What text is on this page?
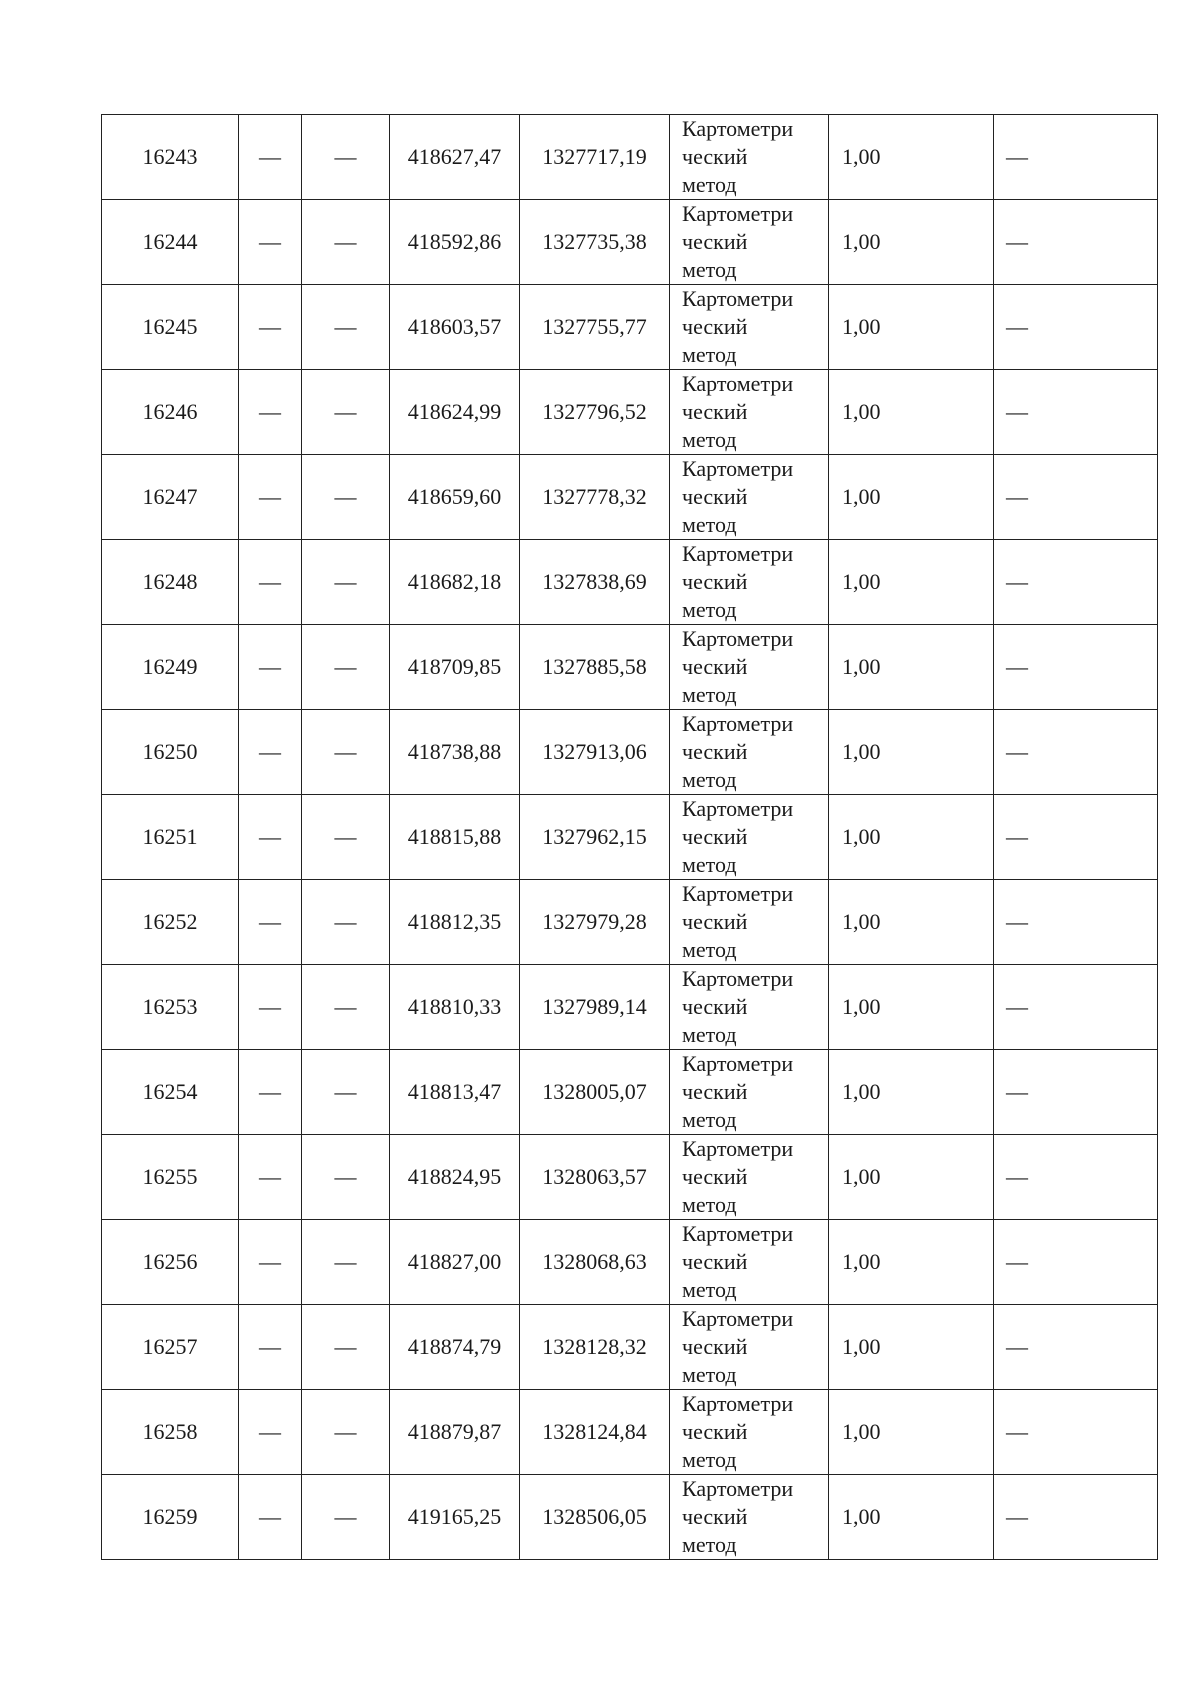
16243	—	—	418627,47	1327717,19	Картометри
ческий
метод	1,00	—
16244	—	—	418592,86	1327735,38	Картометри
ческий
метод	1,00	—
16245	—	—	418603,57	1327755,77	Картометри
ческий
метод	1,00	—
16246	—	—	418624,99	1327796,52	Картометри
ческий
метод	1,00	—
16247	—	—	418659,60	1327778,32	Картометри
ческий
метод	1,00	—
16248	—	—	418682,18	1327838,69	Картометри
ческий
метод	1,00	—
16249	—	—	418709,85	1327885,58	Картометри
ческий
метод	1,00	—
16250	—	—	418738,88	1327913,06	Картометри
ческий
метод	1,00	—
16251	—	—	418815,88	1327962,15	Картометри
ческий
метод	1,00	—
16252	—	—	418812,35	1327979,28	Картометри
ческий
метод	1,00	—
16253	—	—	418810,33	1327989,14	Картометри
ческий
метод	1,00	—
16254	—	—	418813,47	1328005,07	Картометри
ческий
метод	1,00	—
16255	—	—	418824,95	1328063,57	Картометри
ческий
метод	1,00	—
16256	—	—	418827,00	1328068,63	Картометри
ческий
метод	1,00	—
16257	—	—	418874,79	1328128,32	Картометри
ческий
метод	1,00	—
16258	—	—	418879,87	1328124,84	Картометри
ческий
метод	1,00	—
16259	—	—	419165,25	1328506,05	Картометри
ческий
метод	1,00	—
